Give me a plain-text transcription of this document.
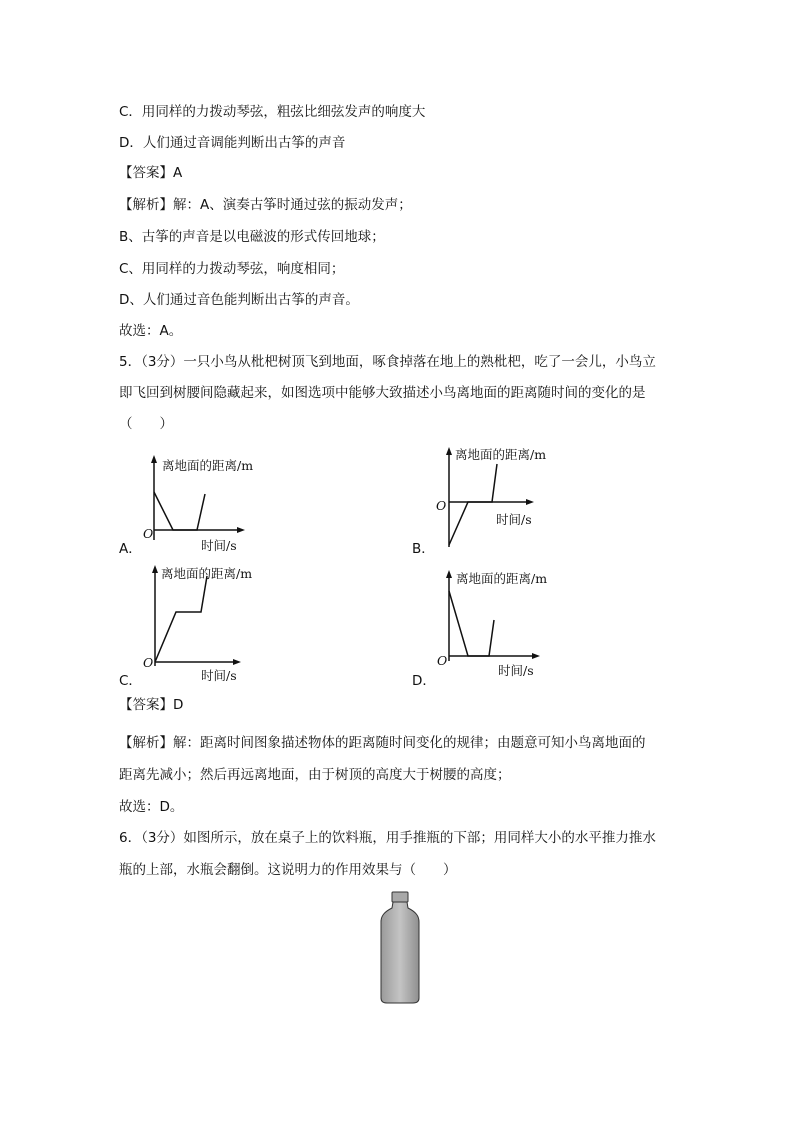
C．用同样的力拨动琴弦，粗弦比细弦发声的响度大
D．人们通过音调能判断出古筝的声音
【答案】A
【解析】解：A、演奏古筝时通过弦的振动发声；
B、古筝的声音是以电磁波的形式传回地球；
C、用同样的力拨动琴弦，响度相同；
D、人们通过音色能判断出古筝的声音。
故选：A。
5．（3分）一只小鸟从枇杷树顶飞到地面，啄食掉落在地上的熟枇杷，吃了一会儿，小鸟立
即飞回到树腰间隐藏起来，如图选项中能够大致描述小鸟离地面的距离随时间的变化的是
（　　）
离地面的距离/m
时间/s
O
A．
离地面的距离/m
时间/s
O
B．
离地面的距离/m
时间/s
O
C．
离地面的距离/m
时间/s
O
D．
【答案】D
【解析】解：距离时间图象描述物体的距离随时间变化的规律；由题意可知小鸟离地面的
距离先减小；然后再远离地面，由于树顶的高度大于树腰的高度；
故选：D。
6．（3分）如图所示，放在桌子上的饮料瓶，用手推瓶的下部；用同样大小的水平推力推水
瓶的上部，水瓶会翻倒。这说明力的作用效果与（　　）
